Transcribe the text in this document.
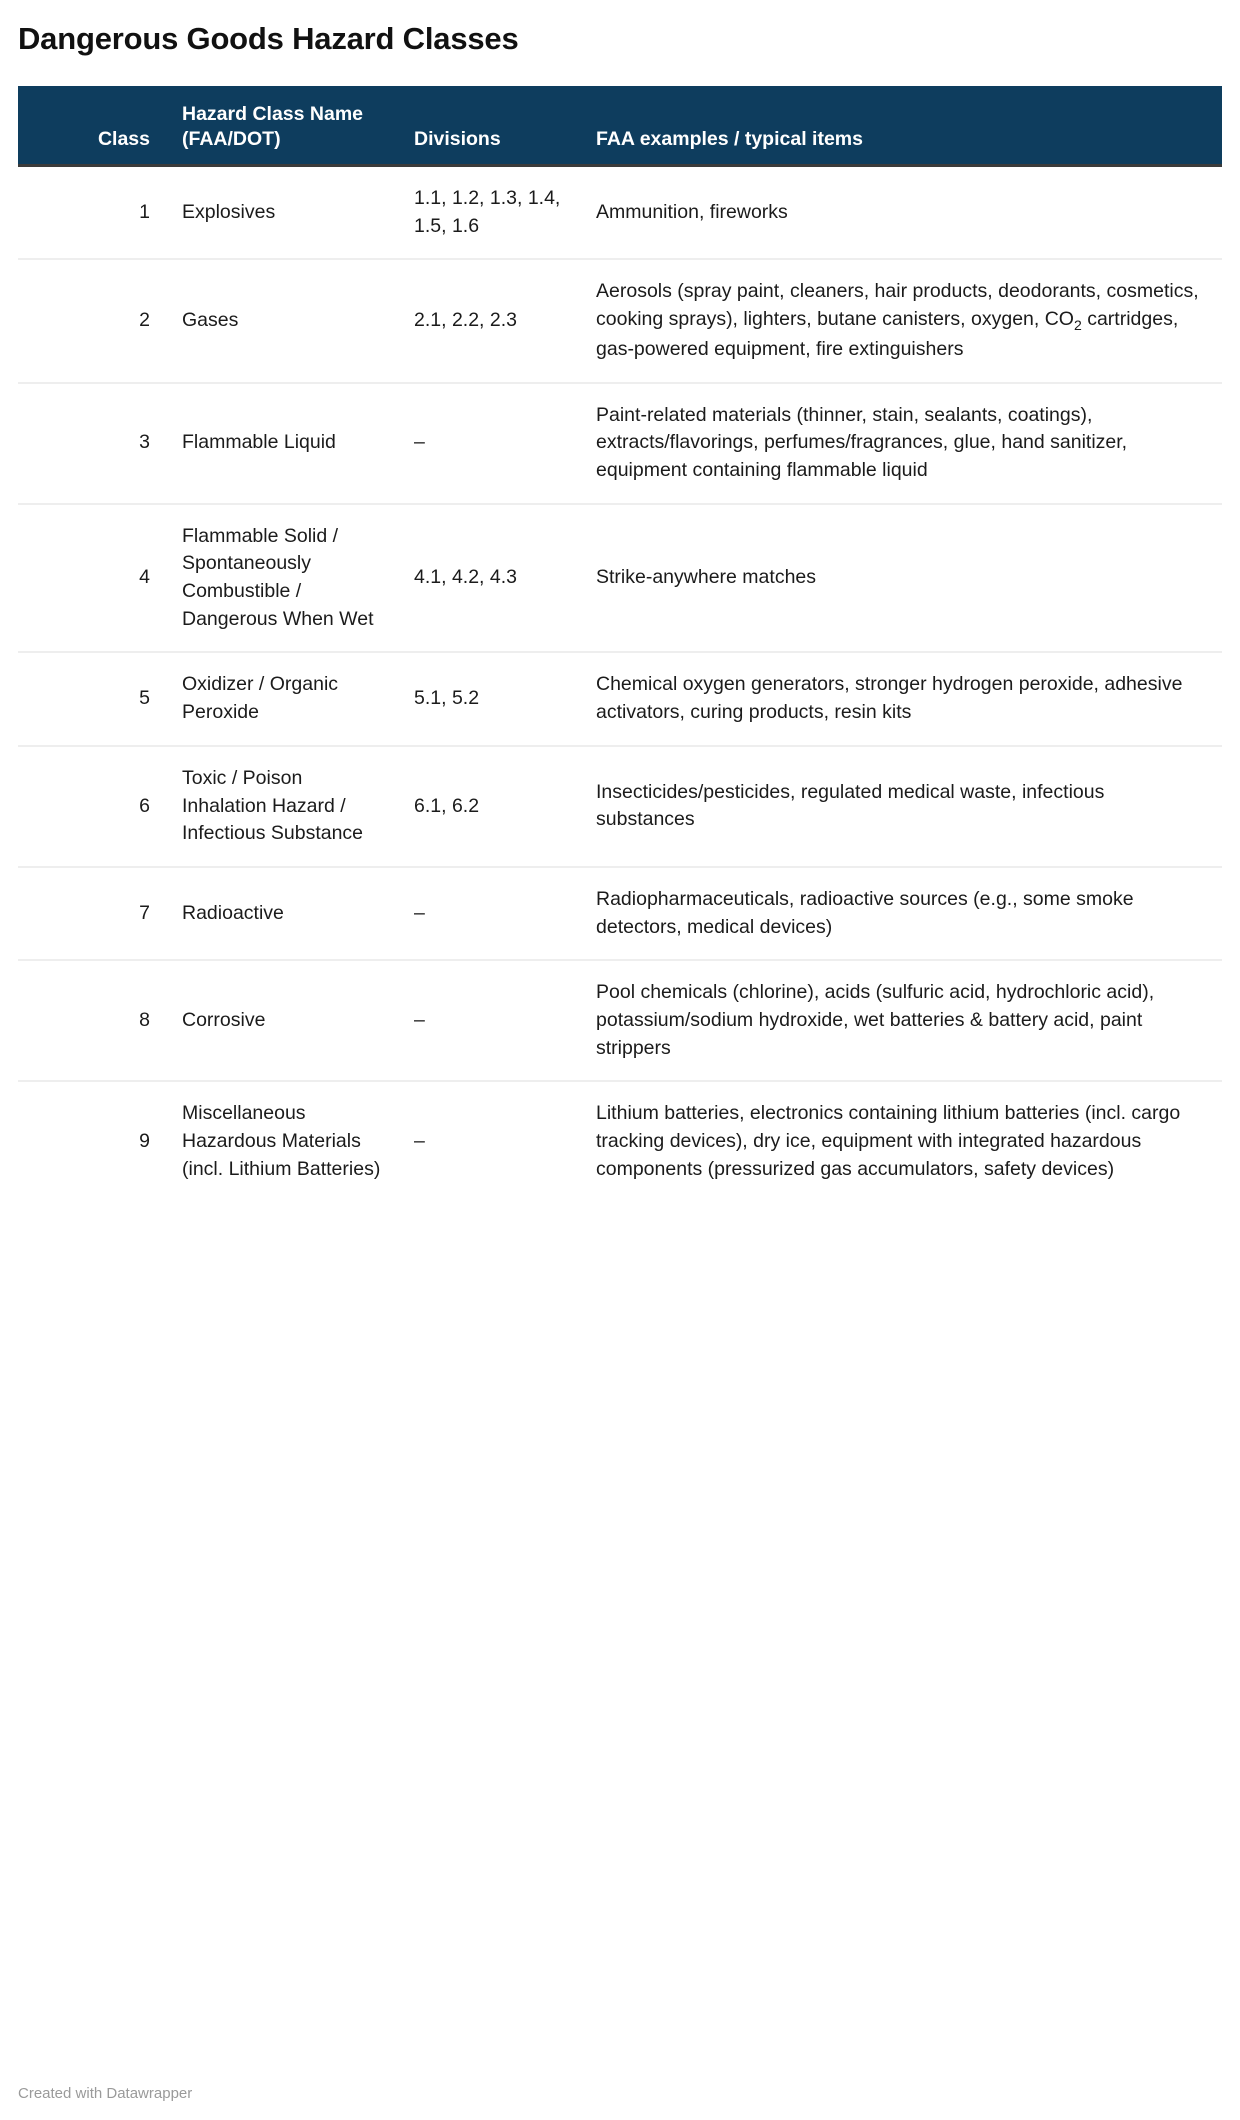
Dangerous Goods Hazard Classes
Class	Hazard Class Name (FAA/DOT)	Divisions	FAA examples / typical items
1	Explosives	1.1, 1.2, 1.3, 1.4, 1.5, 1.6	Ammunition, fireworks
2	Gases	2.1, 2.2, 2.3	Aerosols (spray paint, cleaners, hair products, deodorants, cosmetics, cooking sprays), lighters, butane canisters, oxygen, $CO_2$ cartridges, gas-powered equipment, fire extinguishers
3	Flammable Liquid	–	Paint-related materials (thinner, stain, sealants, coatings), extracts/flavorings, perfumes/fragrances, glue, hand sanitizer, equipment containing flammable liquid
4	Flammable Solid / Spontaneously Combustible / Dangerous When Wet	4.1, 4.2, 4.3	Strike-anywhere matches
5	Oxidizer / Organic Peroxide	5.1, 5.2	Chemical oxygen generators, stronger hydrogen peroxide, adhesive activators, curing products, resin kits
6	Toxic / Poison Inhalation Hazard / Infectious Substance	6.1, 6.2	Insecticides/pesticides, regulated medical waste, infectious substances
7	Radioactive	–	Radiopharmaceuticals, radioactive sources (e.g., some smoke detectors, medical devices)
8	Corrosive	–	Pool chemicals (chlorine), acids (sulfuric acid, hydrochloric acid), potassium/sodium hydroxide, wet batteries & battery acid, paint strippers
9	Miscellaneous Hazardous Materials (incl. Lithium Batteries)	–	Lithium batteries, electronics containing lithium batteries (incl. cargo tracking devices), dry ice, equipment with integrated hazardous components (pressurized gas accumulators, safety devices)
Created with Datawrapper
